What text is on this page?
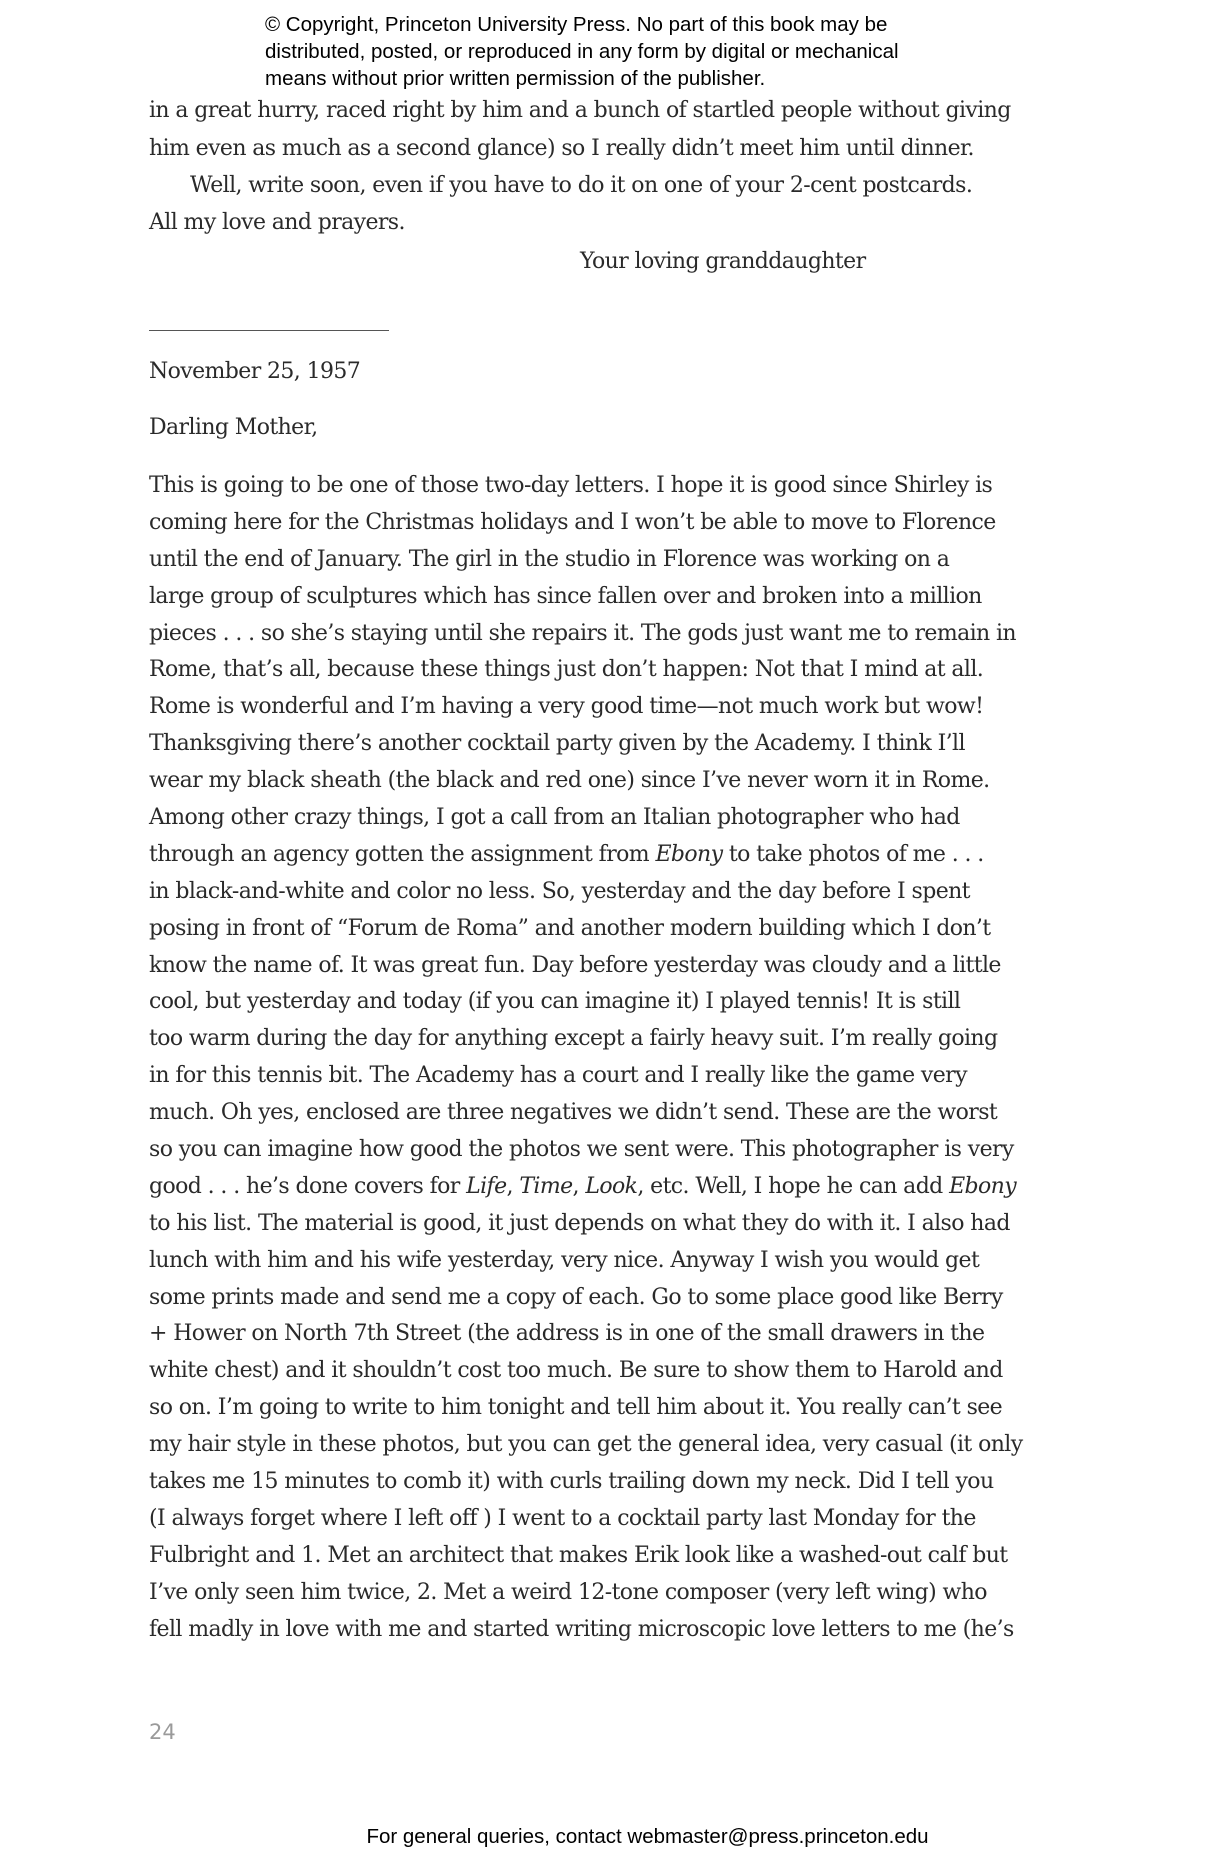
© Copyright, Princeton University Press. No part of this book may be
distributed, posted, or reproduced in any form by digital or mechanical
means without prior written permission of the publisher.
in a great hurry, raced right by him and a bunch of startled people without giving
him even as much as a second glance) so I really didn’t meet him until dinner.
Well, write soon, even if you have to do it on one of your 2-cent postcards.
All my love and prayers.
Your loving granddaughter
November 25, 1957
Darling Mother,
This is going to be one of those two-day letters. I hope it is good since Shirley is
coming here for the Christmas holidays and I won’t be able to move to Florence
until the end of January. The girl in the studio in Florence was working on a
large group of sculptures which has since fallen over and broken into a million
pieces . . . so she’s staying until she repairs it. The gods just want me to remain in
Rome, that’s all, because these things just don’t happen: Not that I mind at all.
Rome is wonderful and I’m having a very good time—not much work but wow!
Thanksgiving there’s another cocktail party given by the Academy. I think I’ll
wear my black sheath (the black and red one) since I’ve never worn it in Rome.
Among other crazy things, I got a call from an Italian photographer who had
through an agency gotten the assignment from Ebony to take photos of me . . .
in black-and-white and color no less. So, yesterday and the day before I spent
posing in front of “Forum de Roma” and another modern building which I don’t
know the name of. It was great fun. Day before yesterday was cloudy and a little
cool, but yesterday and today (if you can imagine it) I played tennis! It is still
too warm during the day for anything except a fairly heavy suit. I’m really going
in for this tennis bit. The Academy has a court and I really like the game very
much. Oh yes, enclosed are three negatives we didn’t send. These are the worst
so you can imagine how good the photos we sent were. This photographer is very
good . . . he’s done covers for Life, Time, Look, etc. Well, I hope he can add Ebony
to his list. The material is good, it just depends on what they do with it. I also had
lunch with him and his wife yesterday, very nice. Anyway I wish you would get
some prints made and send me a copy of each. Go to some place good like Berry
+ Hower on North 7th Street (the address is in one of the small drawers in the
white chest) and it shouldn’t cost too much. Be sure to show them to Harold and
so on. I’m going to write to him tonight and tell him about it. You really can’t see
my hair style in these photos, but you can get the general idea, very casual (it only
takes me 15 minutes to comb it) with curls trailing down my neck. Did I tell you
(I always forget where I left off ) I went to a cocktail party last Monday for the
Fulbright and 1. Met an architect that makes Erik look like a washed-out calf but
I’ve only seen him twice, 2. Met a weird 12-tone composer (very left wing) who
fell madly in love with me and started writing microscopic love letters to me (he’s
24
For general queries, contact webmaster@press.princeton.edu
